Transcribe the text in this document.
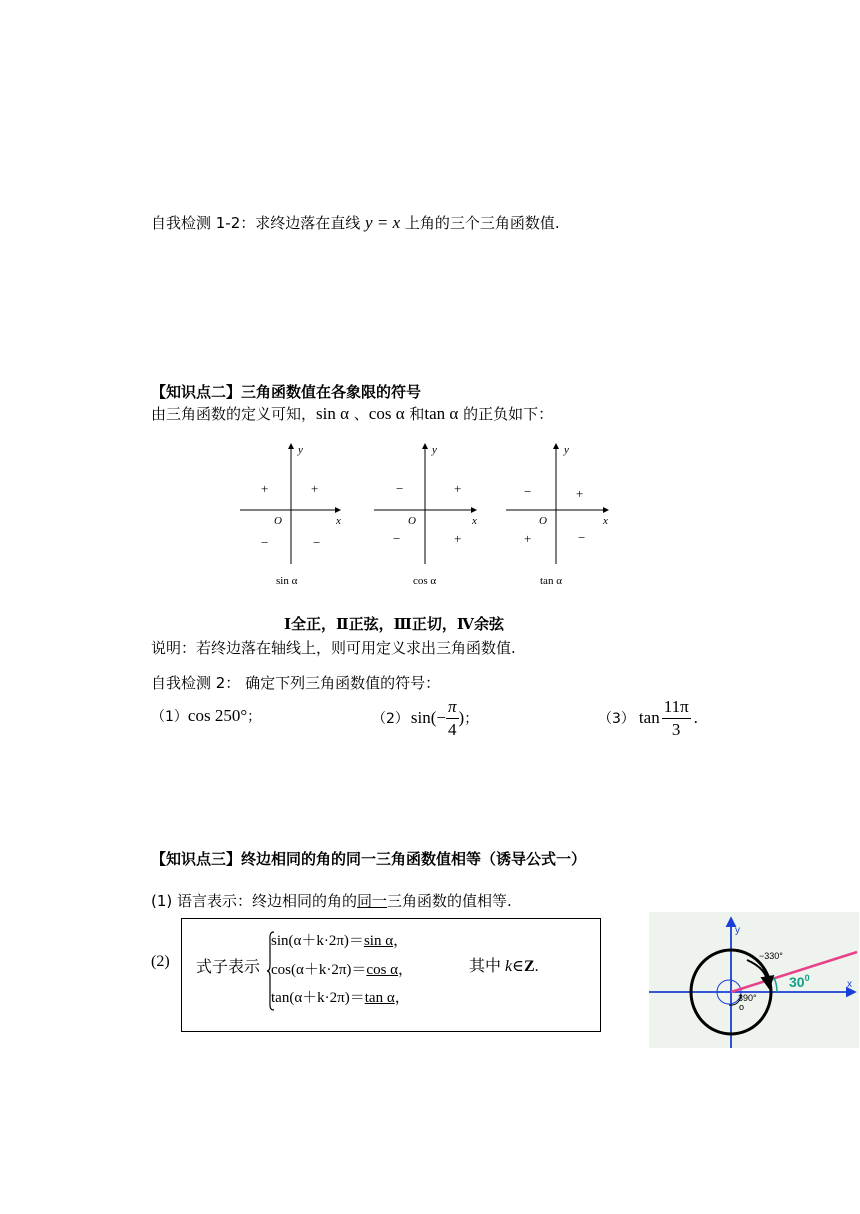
自我检测 1-2：求终边落在直线 y = x 上角的三个三角函数值.
【知识点二】三角函数值在各象限的符号
由三角函数的定义可知，sin α 、cos α 和tan α 的正负如下：
y
x
O
+
+
−	−
sin α
y
x
O
+
−
−	+
cos α
y
x
O
+
−
+	−
tan α
Ⅰ全正，Ⅱ正弦，Ⅲ正切，Ⅳ余弦
说明：若终边落在轴线上，则可用定义求出三角函数值.
自我检测 2： 确定下列三角函数值的符号：
（1）cos 250°；	（2） $\sin(- \frac{\pi}{4}$ ) ；	（3） $\tan \frac{11\pi}{3}$ .
【知识点三】终边相同的角的同一三角函数值相等（诱导公式一）
(1) 语言表示：终边相同的角的同一三角函数的值相等.
(2) 式子表示
sin(α＋k·2π)＝sin α，
cos(α＋k·2π)＝cos α，
tan(α＋k·2π)＝tan α，
其中 k∈Z.
y
x
−330°
$30^0$
390°
o
